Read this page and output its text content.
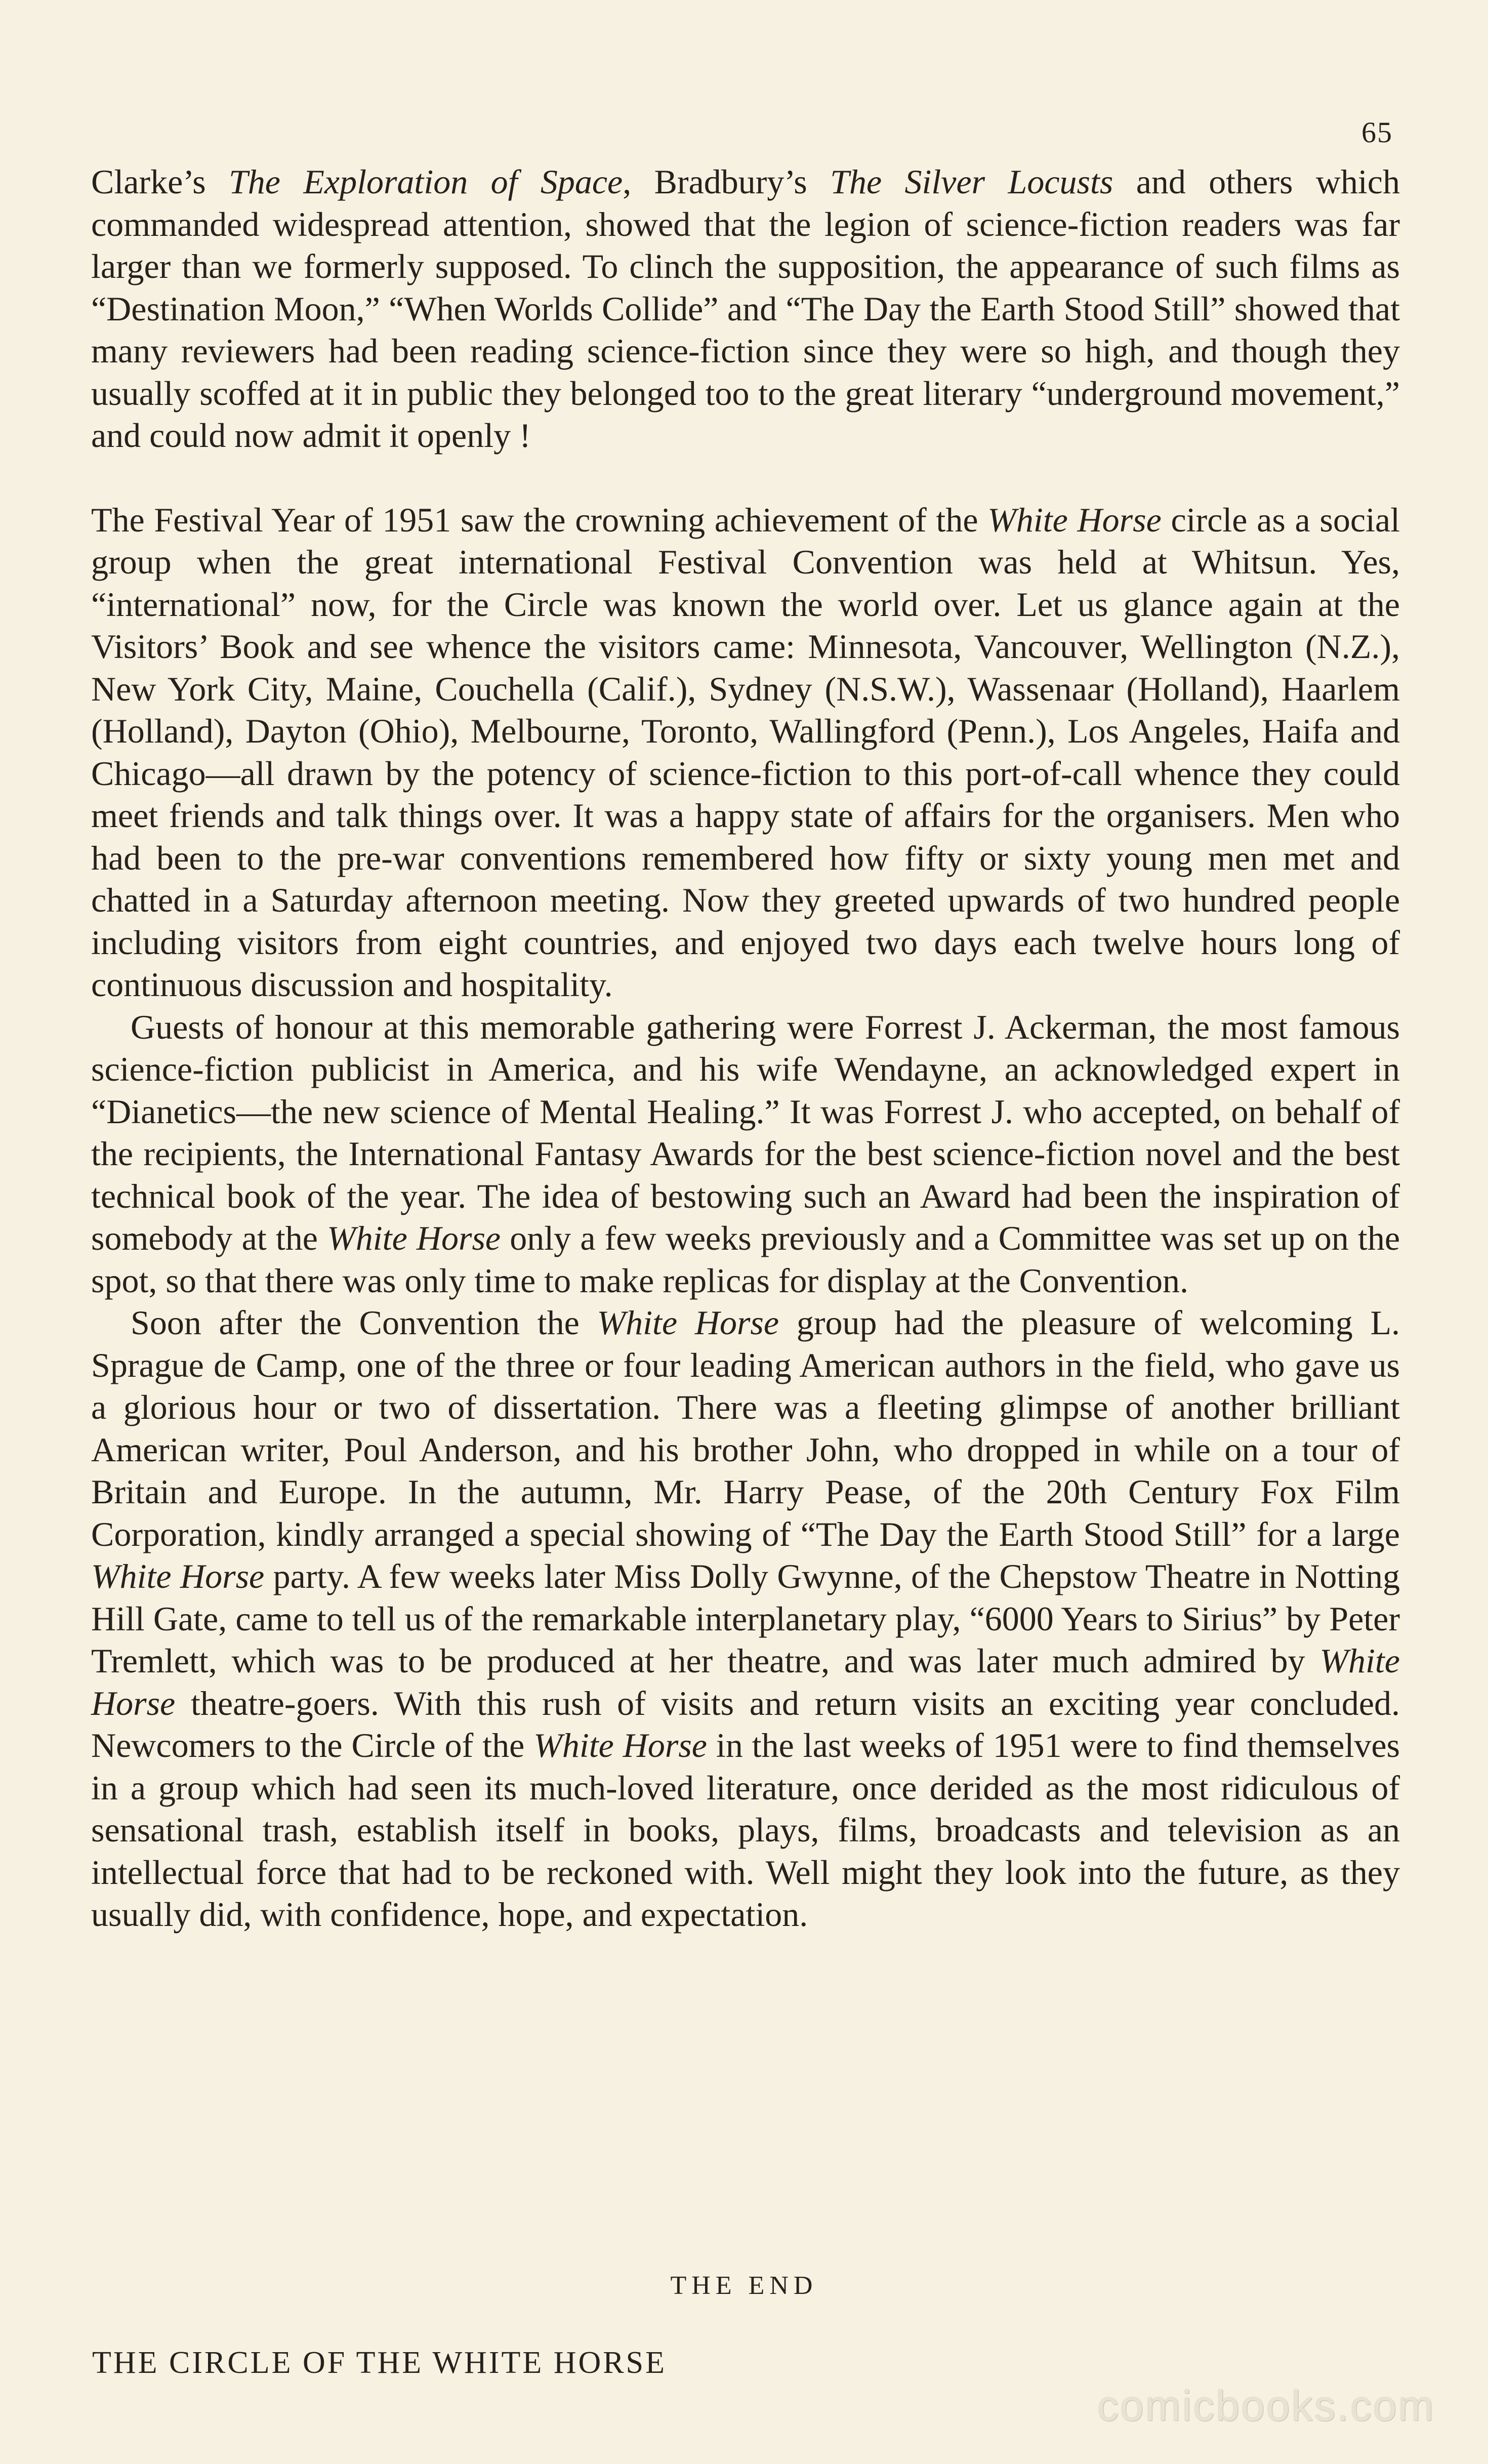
65

Clarke’s The Exploration of Space, Bradbury’s The Silver Locusts and others which commanded widespread attention, showed that the legion of science-fiction readers was far larger than we formerly supposed. To clinch the supposition, the appearance of such films as “Destination Moon,” “When Worlds Collide” and “The Day the Earth Stood Still” showed that many reviewers had been reading science-fiction since they were so high, and though they usually scoffed at it in public they belonged too to the great literary “underground movement,” and could now admit it openly !

The Festival Year of 1951 saw the crowning achievement of the White Horse circle as a social group when the great international Festival Convention was held at Whitsun. Yes, “international” now, for the Circle was known the world over. Let us glance again at the Visitors’ Book and see whence the visitors came: Minnesota, Vancouver, Wellington (N.Z.), New York City, Maine, Couchella (Calif.), Sydney (N.S.W.), Wassenaar (Holland), Haarlem (Holland), Dayton (Ohio), Melbourne, Toronto, Wallingford (Penn.), Los Angeles, Haifa and Chicago—all drawn by the potency of science-fiction to this port-of-call whence they could meet friends and talk things over. It was a happy state of affairs for the organisers. Men who had been to the pre-war conventions remembered how fifty or sixty young men met and chatted in a Saturday afternoon meeting. Now they greeted upwards of two hundred people including visitors from eight countries, and enjoyed two days each twelve hours long of continuous discussion and hospitality.

Guests of honour at this memorable gathering were Forrest J. Ackerman, the most famous science-fiction publicist in America, and his wife Wendayne, an acknowledged expert in “Dianetics—the new science of Mental Healing.” It was Forrest J. who accepted, on behalf of the recipients, the International Fantasy Awards for the best science-fiction novel and the best technical book of the year. The idea of bestowing such an Award had been the inspiration of somebody at the White Horse only a few weeks previously and a Committee was set up on the spot, so that there was only time to make replicas for display at the Convention.

Soon after the Convention the White Horse group had the pleasure of welcoming L. Sprague de Camp, one of the three or four leading American authors in the field, who gave us a glorious hour or two of dissertation. There was a fleeting glimpse of another brilliant American writer, Poul Anderson, and his brother John, who dropped in while on a tour of Britain and Europe. In the autumn, Mr. Harry Pease, of the 20th Century Fox Film Corporation, kindly arranged a special showing of “The Day the Earth Stood Still” for a large White Horse party. A few weeks later Miss Dolly Gwynne, of the Chepstow Theatre in Notting Hill Gate, came to tell us of the remarkable interplanetary play, “6000 Years to Sirius” by Peter Tremlett, which was to be produced at her theatre, and was later much admired by White Horse theatre-goers. With this rush of visits and return visits an exciting year concluded. Newcomers to the Circle of the White Horse in the last weeks of 1951 were to find themselves in a group which had seen its much-loved literature, once derided as the most ridiculous of sensational trash, establish itself in books, plays, films, broadcasts and television as an intellectual force that had to be reckoned with. Well might they look into the future, as they usually did, with confidence, hope, and expectation.

THE END
THE CIRCLE OF THE WHITE HORSE
comicbooks.com
